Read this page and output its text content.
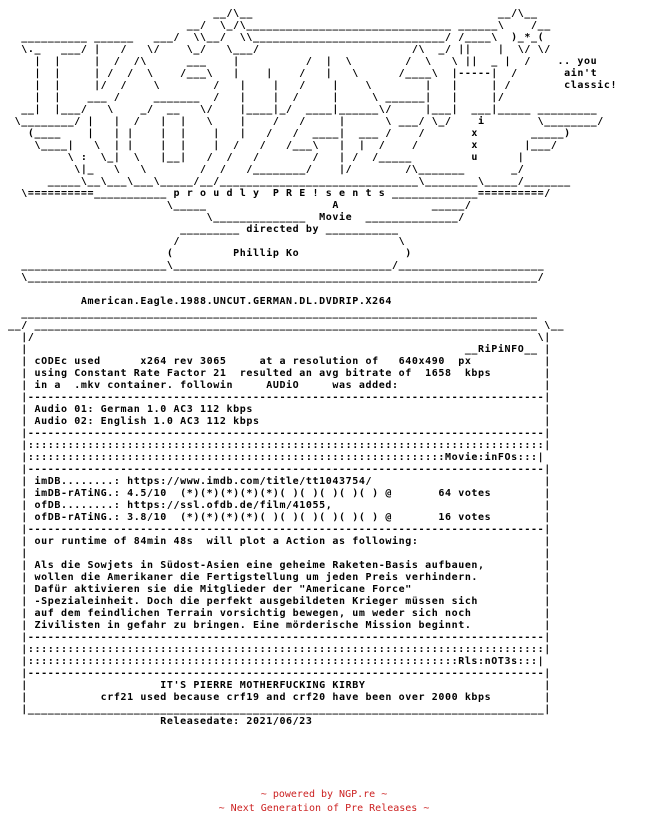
__/\__                                     __/\__
__/  \_/\_______________________________ ______\    /__
__________ ______   ___/  \\__/  \\_____________________________/ /____\  )_*_(
\._   ___/ |   /   \/    \_/   \___/                       /\  _/ ||    |  \/ \/
|  |     |  /  /\      ___    |          /  |  \        /  \   \ ||  _ |  /    .. you
|  |     | /  /  \    /___\   |    |    /   |   \      /____\  |-----|  /       ain't
|  |     |/  /    \        /   |    |   /    |    \        |   |     | /        classic!
|  |    ___ /     _______  /   |    |  /     |     \ ______|   |     |/
__|  |___/   \    _/  __   \/    |____|_/  ____|______\/     |___|  ___|_____ _________
\________/ |   |  /   |  |   \    |    /   /     |      \ ___/ \_/    i        \________/
(____    |   | |    |  |    |   |   /   /  ____|  ___ /    /       x        _____)
\____|   \  | |    |  |    |  /   /   /___\   |  |  /    /        x       |___/
\ :  \_|  \   |__|   /  /   /        /   | /  /_____         u      |
\|_   \   \        /  /   /________/    |/        /\_______       _/
_____\__\___\___\_____/__/______________________________\________\_____/_______
\==========___________ p r o u d l y  P R E ! s e n t s _____________==========/
\_____                   A              _____/
\______________  Movie  ______________/
_________ directed by ___________
/                                 \
(         Phillip Ko                )
______________________\_________________________________/______________________
\_____________________________________________________________________________/

American.Eagle.1988.UNCUT.GERMAN.DL.DVDRIP.X264
______________________________________________________________________________
__/ ____________________________________________________________________________ \__
|/                                                                            \|
|                                                                  __RiPiNFO__ |
| cODEc used      x264 rev 3065     at a resolution of   640x490  px           |
| using Constant Rate Factor 21  resulted an avg bitrate of  1658  kbps        |
| in a  .mkv container. followin     AUDiO     was added:                      |
|------------------------------------------------------------------------------|
| Audio 01: German 1.0 AC3 112 kbps                                            |
| Audio 02: English 1.0 AC3 112 kbps                                           |
|------------------------------------------------------------------------------|
|::::::::::::::::::::::::::::::::::::::::::::::::::::::::::::::::::::::::::::::|
|:::::::::::::::::::::::::::::::::::::::::::::::::::::::::::::::Movie:inFOs:::|
|------------------------------------------------------------------------------|
| imDB........: https://www.imdb.com/title/tt1043754/                          |
| imDB-rATiNG.: 4.5/10  (*)(*)(*)(*)(*)( )( )( )( )( ) @       64 votes        |
| ofDB........: https://ssl.ofdb.de/film/41055,                                |
| ofDB-rATiNG.: 3.8/10  (*)(*)(*)(*)( )( )( )( )( )( ) @       16 votes        |
|------------------------------------------------------------------------------|
| our runtime of 84min 48s  will plot a Action as following:                   |
|                                                                              |
| Als die Sowjets in Südost-Asien eine geheime Raketen-Basis aufbauen,         |
| wollen die Amerikaner die Fertigstellung um jeden Preis verhindern.          |
| Dafür aktivieren sie die Mitglieder der "Americane Force"                    |
| -Spezialeinheit. Doch die perfekt ausgebildeten Krieger müssen sich          |
| auf dem feindlichen Terrain vorsichtig bewegen, um weder sich noch           |
| Zivilisten in gefahr zu bringen. Eine mörderische Mission beginnt.           |
|------------------------------------------------------------------------------|
|::::::::::::::::::::::::::::::::::::::::::::::::::::::::::::::::::::::::::::::|
|:::::::::::::::::::::::::::::::::::::::::::::::::::::::::::::::::Rls:nOT3s:::|
|------------------------------------------------------------------------------|
|                    IT'S PIERRE MOTHERFUCKING KIRBY                           |
|           crf21 used because crf19 and crf20 have been over 2000 kbps        |
|______________________________________________________________________________|
Releasedate: 2021/06/23
~ powered by NGP.re ~
~ Next Generation of Pre Releases ~
